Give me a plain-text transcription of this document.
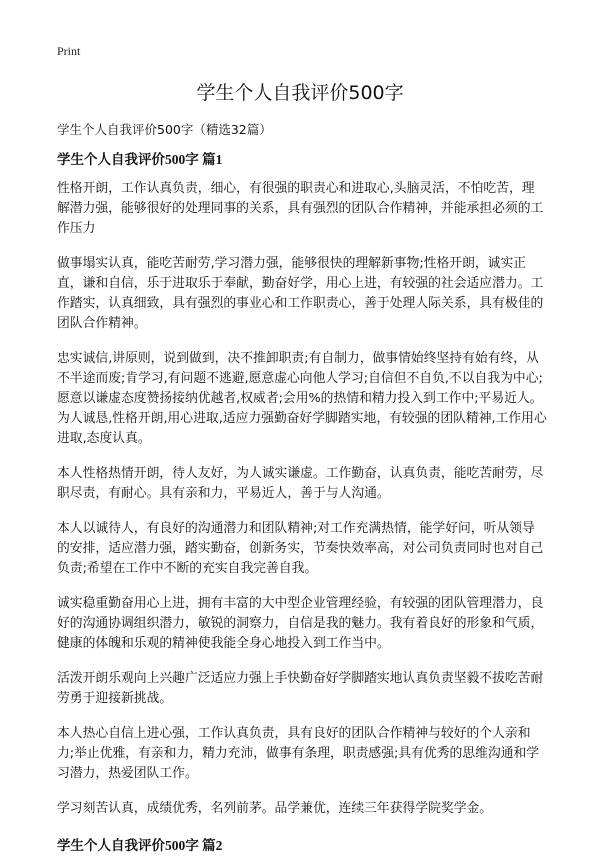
Print
学生个人自我评价500字
学生个人自我评价500字（精选32篇）
学生个人自我评价500字 篇1

性格开朗，工作认真负责，细心，有很强的职责心和进取心,头脑灵活，不怕吃苦，理解潜力强，能够很好的处理同事的关系，具有强烈的团队合作精神，并能承担必须的工作压力

做事塌实认真，能吃苦耐劳,学习潜力强，能够很快的理解新事物;性格开朗，诚实正直，谦和自信，乐于进取乐于奉献，勤奋好学，用心上进，有较强的社会适应潜力。工作踏实，认真细致，具有强烈的事业心和工作职责心，善于处理人际关系，具有极佳的团队合作精神。

忠实诚信,讲原则，说到做到，决不推卸职责;有自制力，做事情始终坚持有始有终，从不半途而废;肯学习,有问题不逃避,愿意虚心向他人学习;自信但不自负,不以自我为中心;愿意以谦虚态度赞扬接纳优越者,权威者;会用%的热情和精力投入到工作中;平易近人。为人诚恳,性格开朗,用心进取,适应力强勤奋好学脚踏实地，有较强的团队精神,工作用心进取,态度认真。

本人性格热情开朗，待人友好，为人诚实谦虚。工作勤奋，认真负责，能吃苦耐劳，尽职尽责，有耐心。具有亲和力，平易近人，善于与人沟通。

本人以诚待人，有良好的沟通潜力和团队精神;对工作充满热情，能学好问，听从领导的安排，适应潜力强，踏实勤奋，创新务实，节奏快效率高，对公司负责同时也对自己负责;希望在工作中不断的充实自我完善自我。

诚实稳重勤奋用心上进，拥有丰富的大中型企业管理经验，有较强的团队管理潜力，良好的沟通协调组织潜力，敏锐的洞察力，自信是我的魅力。我有着良好的形象和气质，健康的体魄和乐观的精神使我能全身心地投入到工作当中。

活泼开朗乐观向上兴趣广泛适应力强上手快勤奋好学脚踏实地认真负责坚毅不拔吃苦耐劳勇于迎接新挑战。

本人热心自信上进心强，工作认真负责，具有良好的团队合作精神与较好的个人亲和力;举止优雅，有亲和力，精力充沛，做事有条理，职责感强;具有优秀的思维沟通和学习潜力，热爱团队工作。

学习刻苦认真，成绩优秀，名列前茅。品学兼优，连续三年获得学院奖学金。

学生个人自我评价500字 篇2
